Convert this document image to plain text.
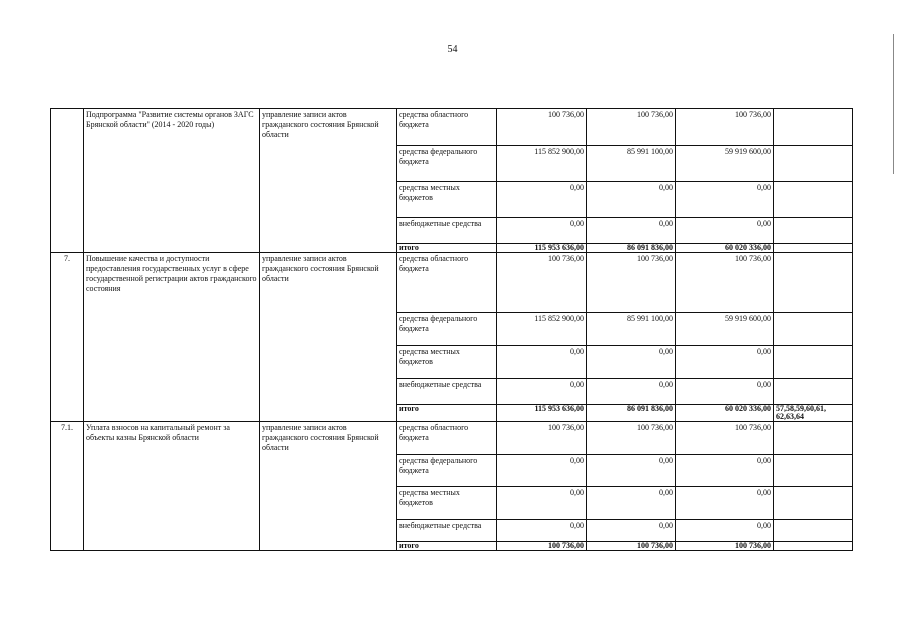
54
	Подпрограмма "Развитие системы органов ЗАГС Брянской области" (2014 - 2020 годы)	управление записи актов гражданского состояния Брянской области	средства областного бюджета	100 736,00	100 736,00	100 736,00	
			средства федерального бюджета	115 852 900,00	85 991 100,00	59 919 600,00	
			средства местных бюджетов	0,00	0,00	0,00	
			внебюджетные средства	0,00	0,00	0,00	
			итого	115 953 636,00	86 091 836,00	60 020 336,00	
7.	Повышение качества и доступности предоставления государственных услуг в сфере государственной регистрации актов гражданского состояния	управление записи актов гражданского состояния Брянской области	средства областного бюджета	100 736,00	100 736,00	100 736,00	
			средства федерального бюджета	115 852 900,00	85 991 100,00	59 919 600,00	
			средства местных бюджетов	0,00	0,00	0,00	
			внебюджетные средства	0,00	0,00	0,00	
			итого	115 953 636,00	86 091 836,00	60 020 336,00	57,58,59,60,61, 62,63,64
7.1.	Уплата взносов на капитальный ремонт за объекты казны Брянской области	управление записи актов гражданского состояния Брянской области	средства областного бюджета	100 736,00	100 736,00	100 736,00	
			средства федерального бюджета	0,00	0,00	0,00	
			средства местных бюджетов	0,00	0,00	0,00	
			внебюджетные средства	0,00	0,00	0,00	
			итого	100 736,00	100 736,00	100 736,00	
